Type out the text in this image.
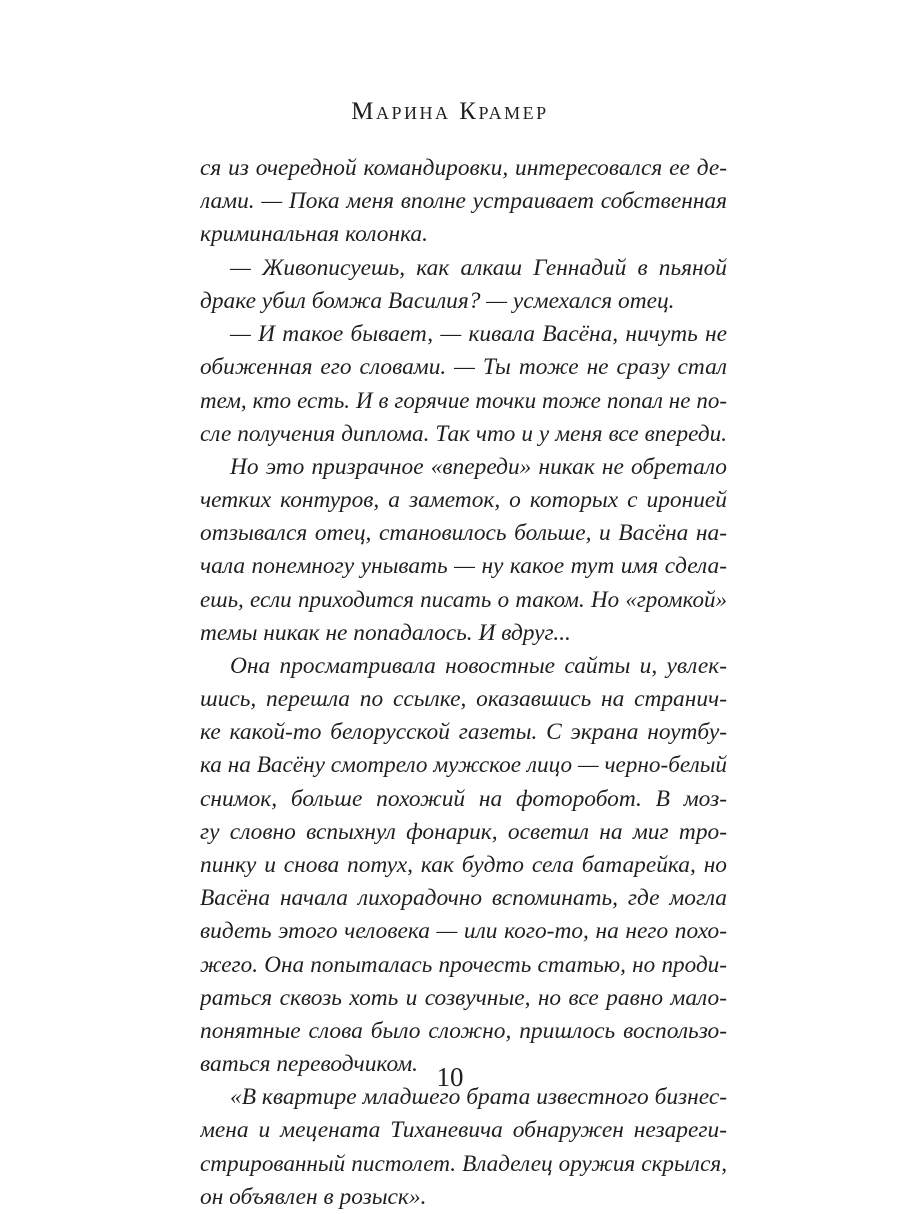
Марина Крамер
ся из очередной командировки, интересовался ее де-
лами. — Пока меня вполне устраивает собственная
криминальная колонка.
— Живописуешь, как алкаш Геннадий в пьяной
драке убил бомжа Василия? — усмехался отец.
— И такое бывает, — кивала Васёна, ничуть не
обиженная его словами. — Ты тоже не сразу стал
тем, кто есть. И в горячие точки тоже попал не по-
сле получения диплома. Так что и у меня все впереди.
Но это призрачное «впереди» никак не обретало
четких контуров, а заметок, о которых с иронией
отзывался отец, становилось больше, и Васёна на-
чала понемногу унывать — ну какое тут имя сдела-
ешь, если приходится писать о таком. Но «громкой»
темы никак не попадалось. И вдруг...
Она просматривала новостные сайты и, увлек-
шись, перешла по ссылке, оказавшись на странич-
ке какой-то белорусской газеты. С экрана ноутбу-
ка на Васёну смотрело мужское лицо — черно-белый
снимок, больше похожий на фоторобот. В моз-
гу словно вспыхнул фонарик, осветил на миг тро-
пинку и снова потух, как будто села батарейка, но
Васёна начала лихорадочно вспоминать, где могла
видеть этого человека — или кого-то, на него похо-
жего. Она попыталась прочесть статью, но проди-
раться сквозь хоть и созвучные, но все равно мало-
понятные слова было сложно, пришлось воспользо-
ваться переводчиком.
«В квартире младшего брата известного бизнес-
мена и мецената Тиханевича обнаружен незареги-
стрированный пистолет. Владелец оружия скрылся,
он объявлен в розыск».
10
